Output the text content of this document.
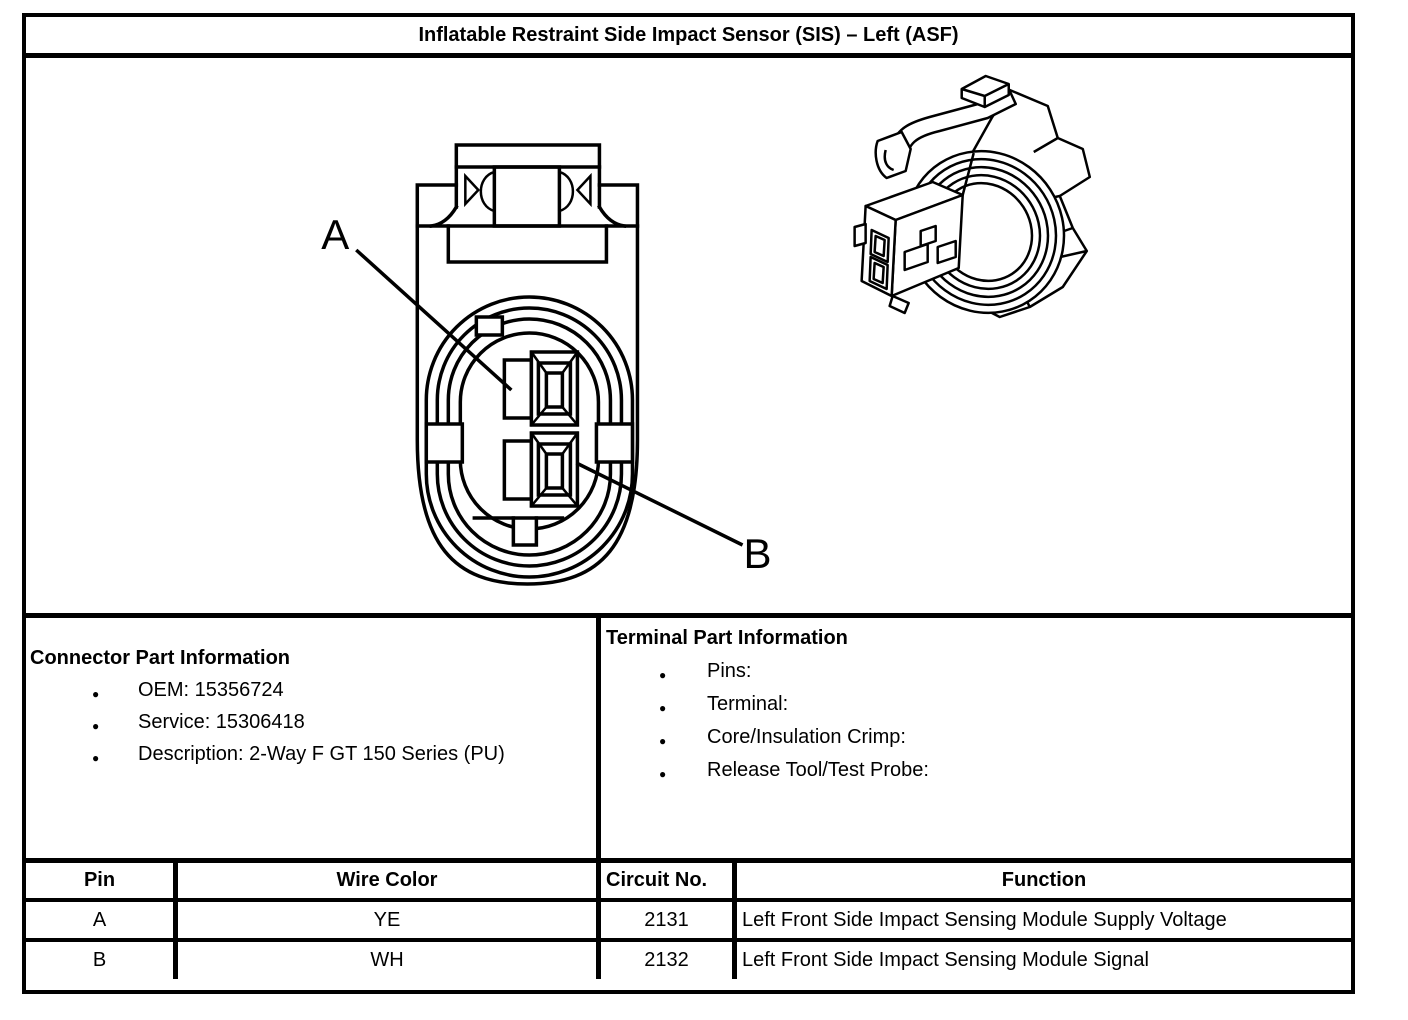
Inflatable Restraint Side Impact Sensor (SIS) – Left (ASF)
A
B
Connector Part Information
● OEM: 15356724
● Service: 15306418
● Description: 2-Way F GT 150 Series (PU)
Terminal Part Information
● Pins:
● Terminal:
● Core/Insulation Crimp:
● Release Tool/Test Probe:
Pin	Wire Color	Circuit No.	Function
A	YE	2131	Left Front Side Impact Sensing Module Supply Voltage
B	WH	2132	Left Front Side Impact Sensing Module Signal
